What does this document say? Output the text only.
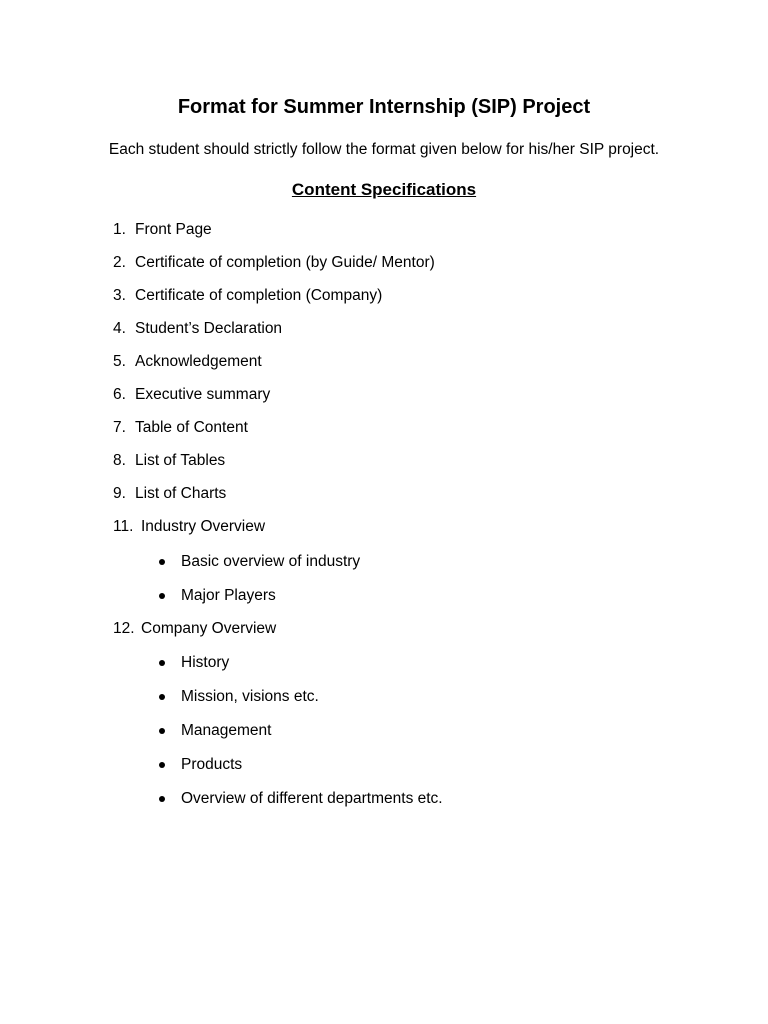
Format for Summer Internship (SIP) Project
Each student should strictly follow the format given below for his/her SIP project.
Content Specifications
1. Front Page
2. Certificate of completion (by Guide/ Mentor)
3. Certificate of completion (Company)
4. Student’s Declaration
5. Acknowledgement
6. Executive summary
7. Table of Content
8. List of Tables
9. List of Charts
11. Industry Overview
Basic overview of industry
Major Players
12. Company Overview
History
Mission, visions etc.
Management
Products
Overview of different departments etc.
